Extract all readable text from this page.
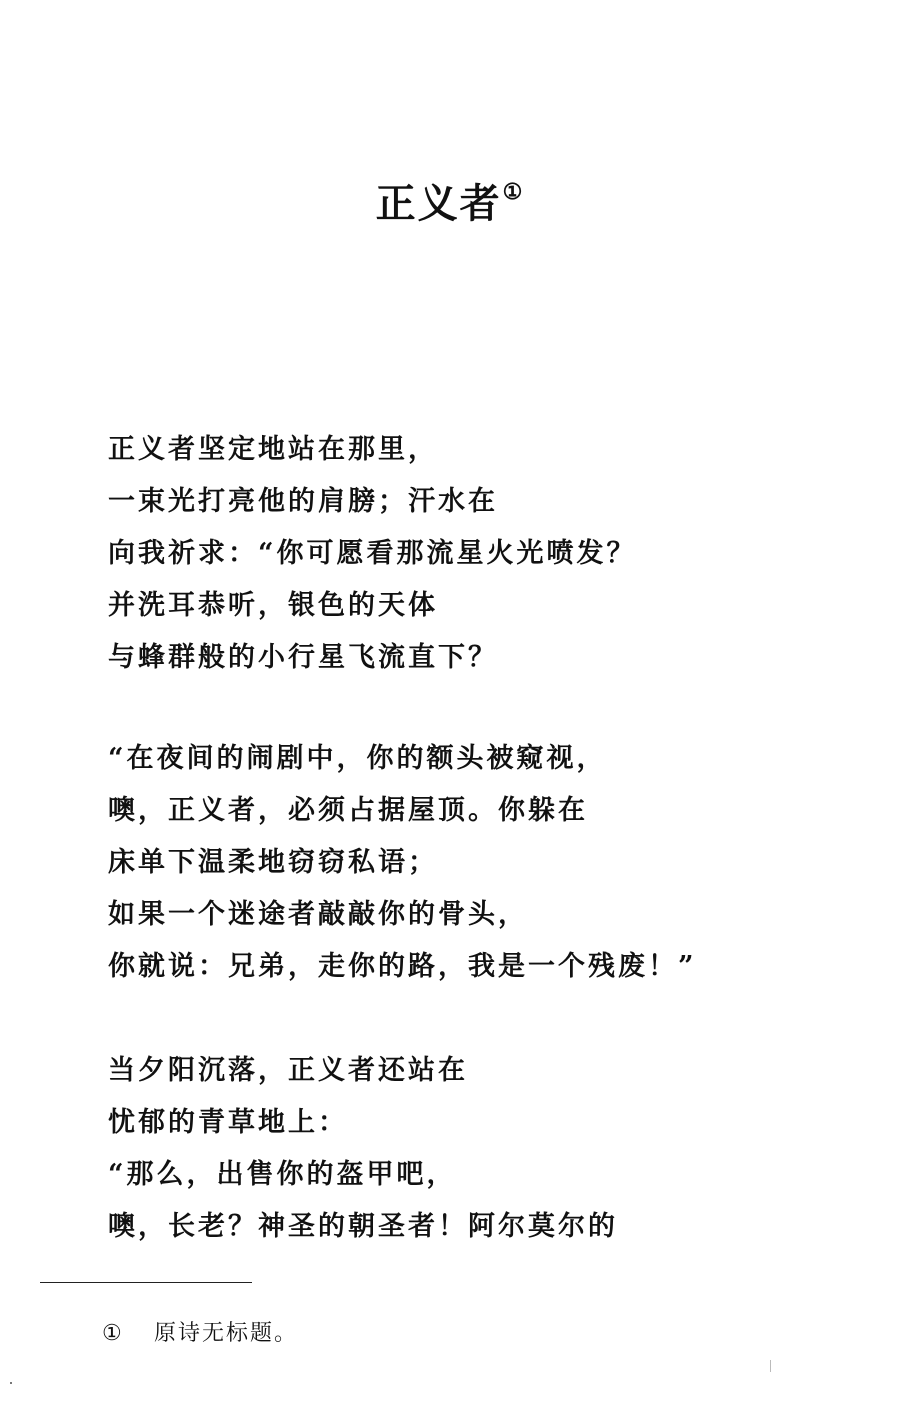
正义者①
正义者坚定地站在那里，
一束光打亮他的肩膀；汗水在
向我祈求：“你可愿看那流星火光喷发？
并洗耳恭听，银色的天体
与蜂群般的小行星飞流直下？
“在夜间的闹剧中，你的额头被窥视，
噢，正义者，必须占据屋顶。你躲在
床单下温柔地窃窃私语；
如果一个迷途者敲敲你的骨头，
你就说：兄弟，走你的路，我是一个残废！”
当夕阳沉落，正义者还站在
忧郁的青草地上：
“那么，出售你的盔甲吧，
噢，长老？神圣的朝圣者！阿尔莫尔的
① 原诗无标题。
